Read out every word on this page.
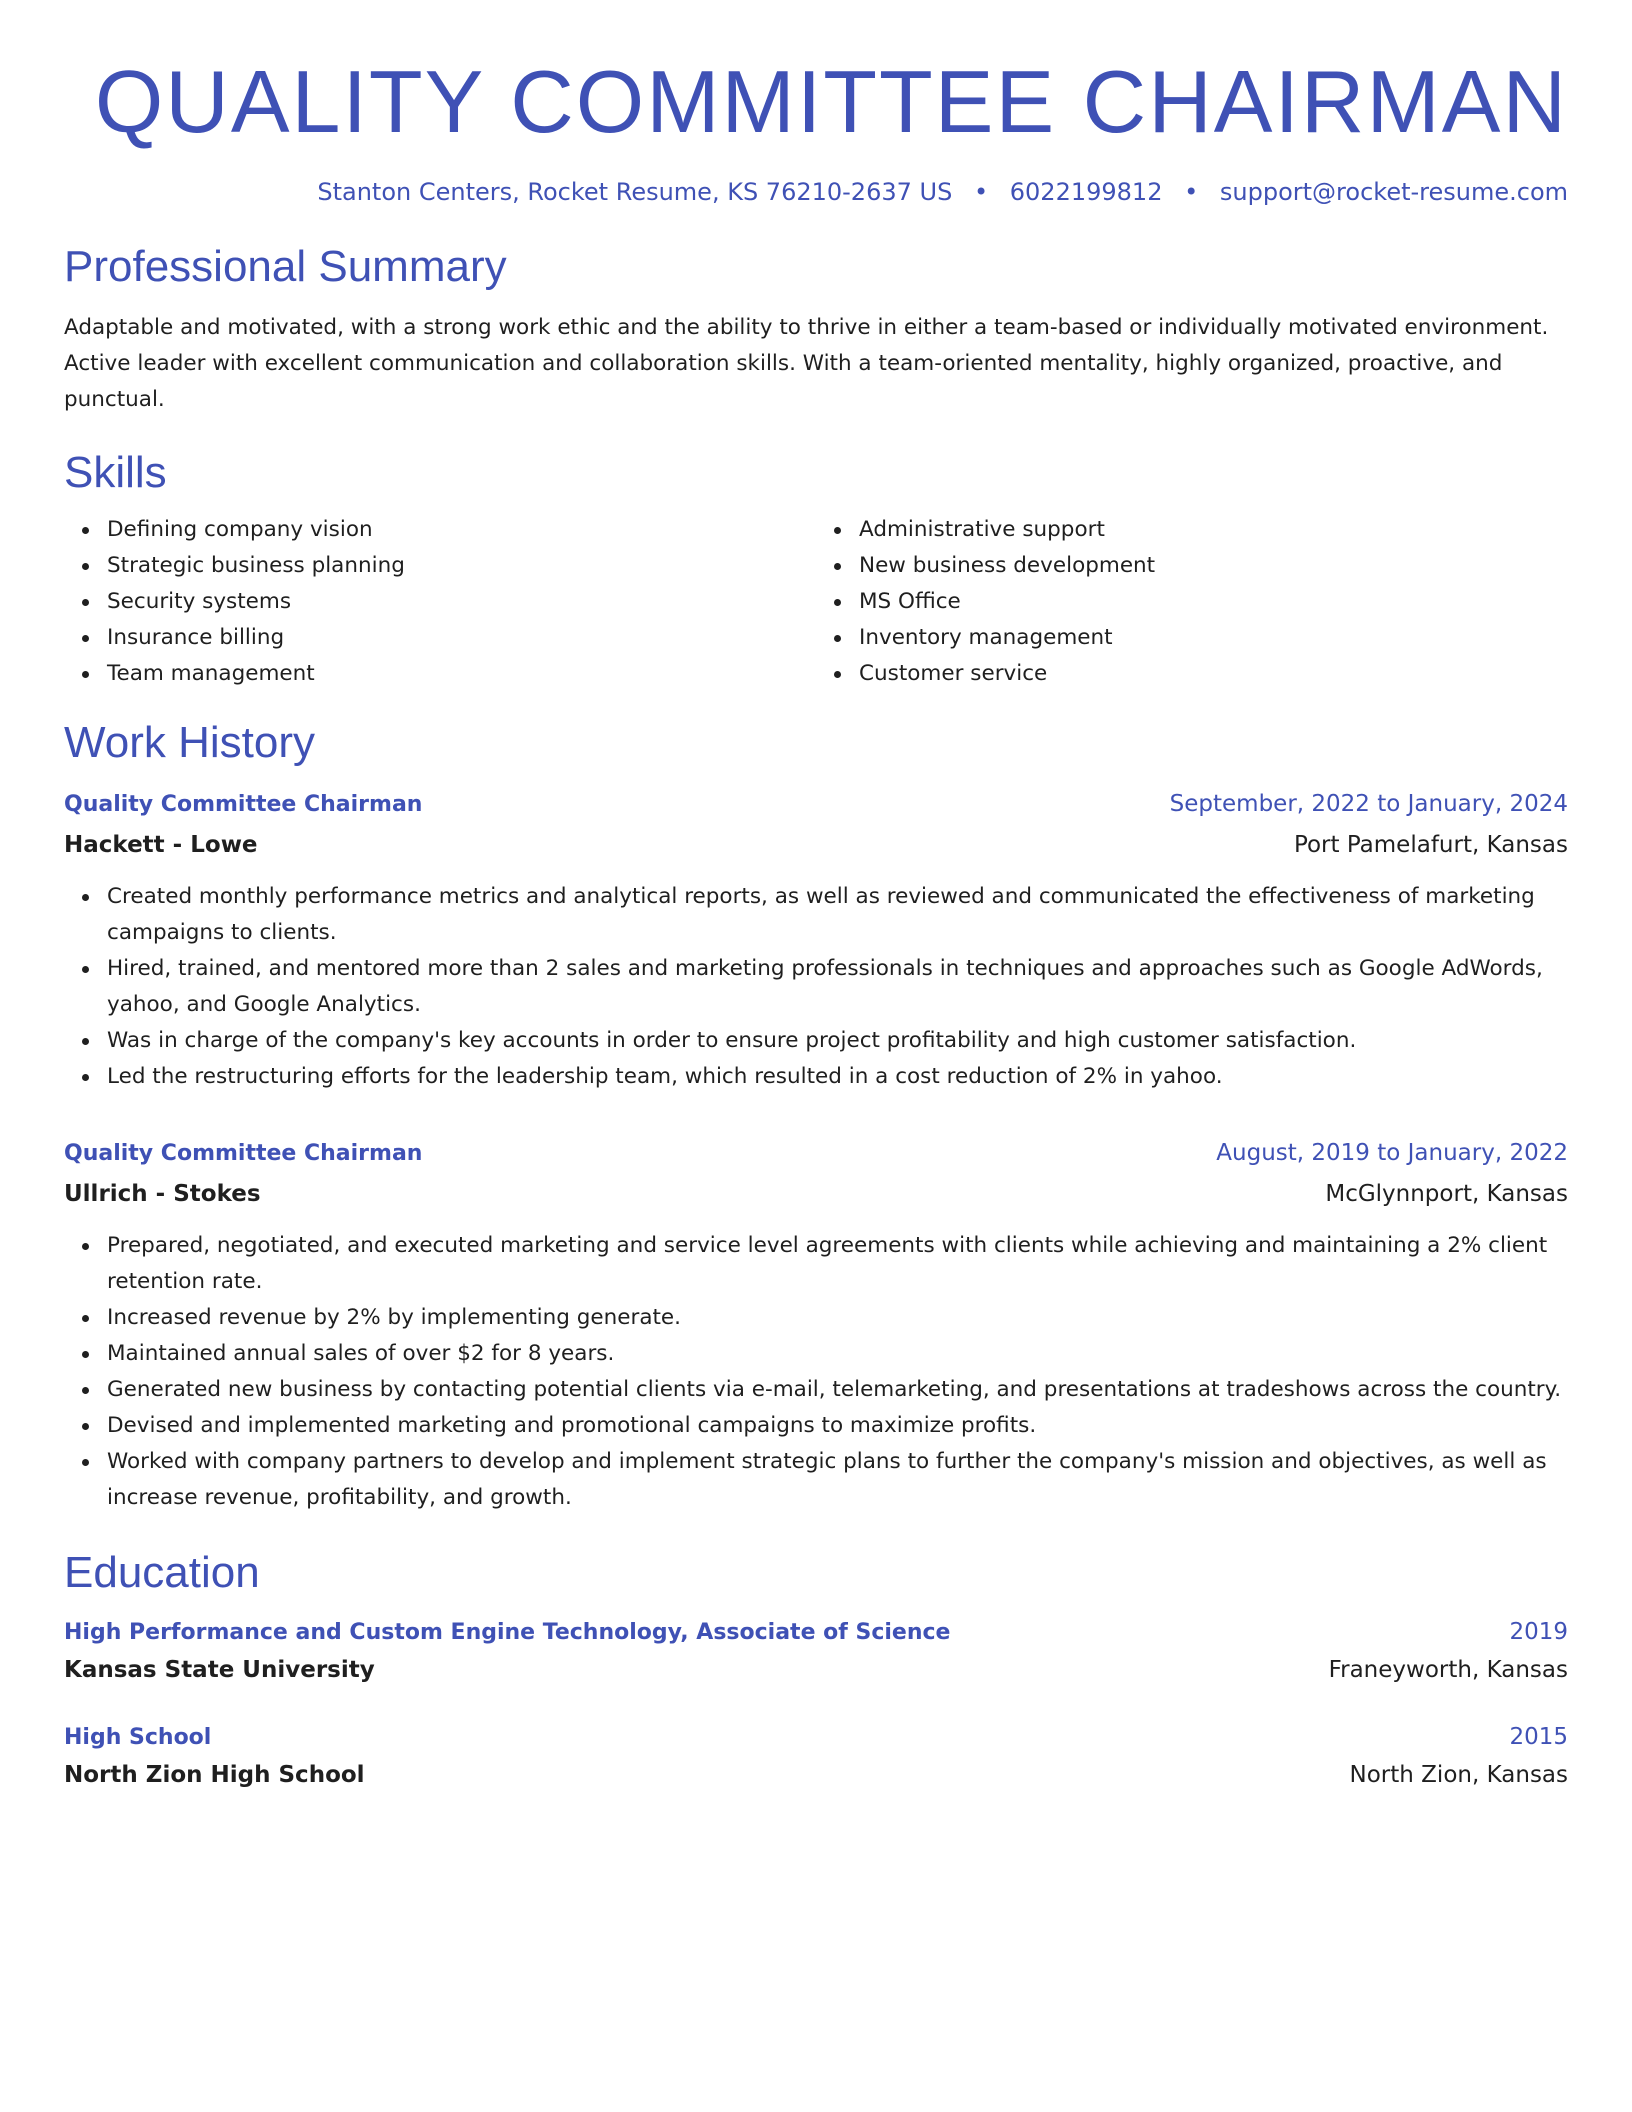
QUALITY COMMITTEE CHAIRMAN
Stanton Centers, Rocket Resume, KS 76210-2637 US • 6022199812 • support@rocket-resume.com
Professional Summary
Adaptable and motivated, with a strong work ethic and the ability to thrive in either a team-based or individually motivated environment. Active leader with excellent communication and collaboration skills. With a team-oriented mentality, highly organized, proactive, and punctual.
Skills
Defining company vision
Strategic business planning
Security systems
Insurance billing
Team management
Administrative support
New business development
MS Office
Inventory management
Customer service
Work History
Quality Committee Chairman	September, 2022 to January, 2024
Hackett - Lowe	Port Pamelafurt, Kansas
Created monthly performance metrics and analytical reports, as well as reviewed and communicated the effectiveness of marketing campaigns to clients.
Hired, trained, and mentored more than 2 sales and marketing professionals in techniques and approaches such as Google AdWords, yahoo, and Google Analytics.
Was in charge of the company's key accounts in order to ensure project profitability and high customer satisfaction.
Led the restructuring efforts for the leadership team, which resulted in a cost reduction of 2% in yahoo.
Quality Committee Chairman	August, 2019 to January, 2022
Ullrich - Stokes	McGlynnport, Kansas
Prepared, negotiated, and executed marketing and service level agreements with clients while achieving and maintaining a 2% client retention rate.
Increased revenue by 2% by implementing generate.
Maintained annual sales of over $2 for 8 years.
Generated new business by contacting potential clients via e-mail, telemarketing, and presentations at tradeshows across the country.
Devised and implemented marketing and promotional campaigns to maximize profits.
Worked with company partners to develop and implement strategic plans to further the company's mission and objectives, as well as increase revenue, profitability, and growth.
Education
High Performance and Custom Engine Technology, Associate of Science	2019
Kansas State University	Franeyworth, Kansas
High School	2015
North Zion High School	North Zion, Kansas
